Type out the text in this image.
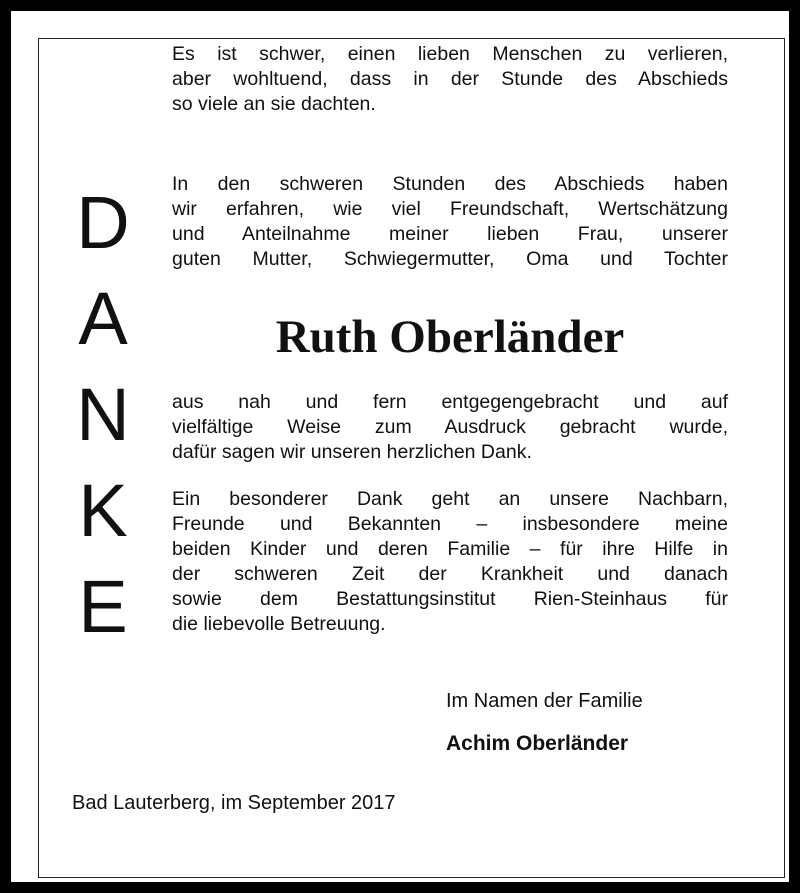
D
A
N
K
E
Es ist schwer, einen lieben Menschen zu verlieren,
aber wohltuend, dass in der Stunde des Abschieds
so viele an sie dachten.
In den schweren Stunden des Abschieds haben
wir erfahren, wie viel Freundschaft, Wertschätzung
und Anteilnahme meiner lieben Frau, unserer
guten Mutter, Schwiegermutter, Oma und Tochter
Ruth Oberländer
aus nah und fern entgegengebracht und auf
vielfältige Weise zum Ausdruck gebracht wurde,
dafür sagen wir unseren herzlichen Dank.
Ein besonderer Dank geht an unsere Nachbarn,
Freunde und Bekannten – insbesondere meine
beiden Kinder und deren Familie – für ihre Hilfe in
der schweren Zeit der Krankheit und danach
sowie dem Bestattungsinstitut Rien-Steinhaus für
die liebevolle Betreuung.
Im Namen der Familie
Achim Oberländer
Bad Lauterberg, im September 2017
